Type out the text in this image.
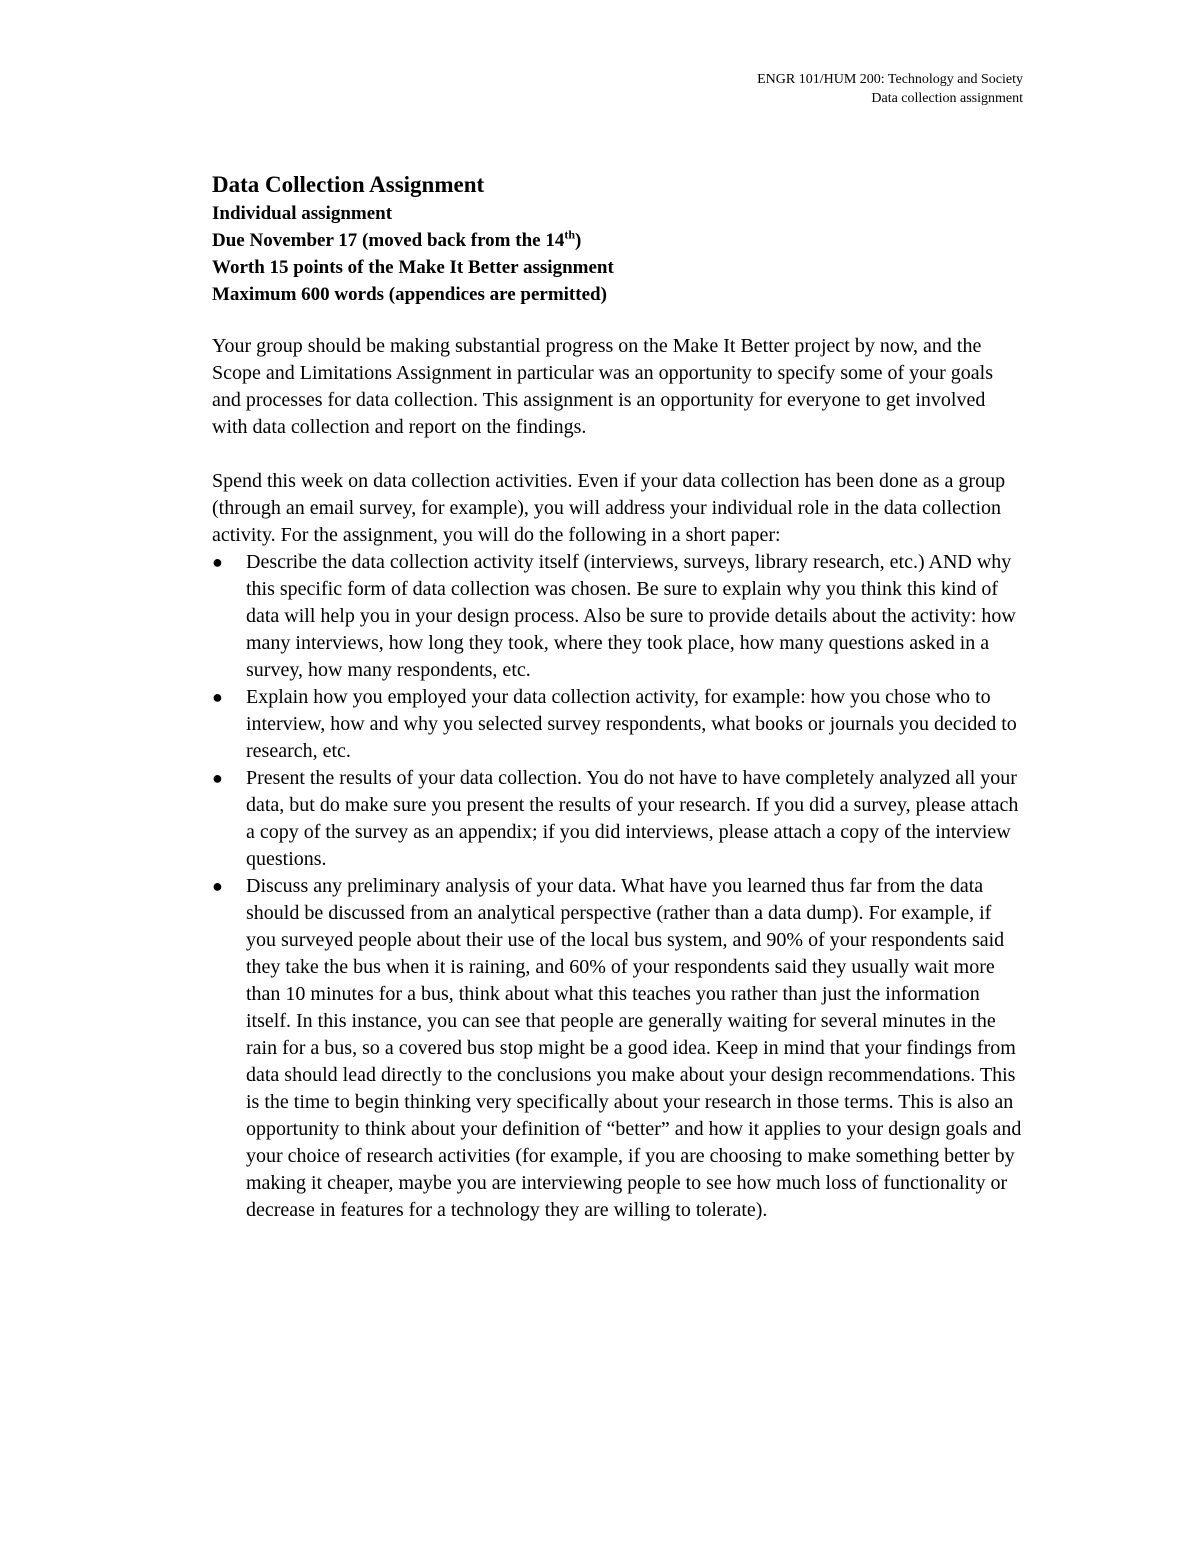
ENGR 101/HUM 200: Technology and Society
Data collection assignment
Data Collection Assignment

Individual assignment

Due November 17 (moved back from the 14th)

Worth 15 points of the Make It Better assignment

Maximum 600 words (appendices are permitted)

Your group should be making substantial progress on the Make It Better project by now, and the Scope and Limitations Assignment in particular was an opportunity to specify some of your goals and processes for data collection. This assignment is an opportunity for everyone to get involved with data collection and report on the findings.

Spend this week on data collection activities. Even if your data collection has been done as a group (through an email survey, for example), you will address your individual role in the data collection activity. For the assignment, you will do the following in a short paper:

●	Describe the data collection activity itself (interviews, surveys, library research, etc.) AND why this specific form of data collection was chosen. Be sure to explain why you think this kind of data will help you in your design process. Also be sure to provide details about the activity: how many interviews, how long they took, where they took place, how many questions asked in a survey, how many respondents, etc.
●	Explain how you employed your data collection activity, for example: how you chose who to interview, how and why you selected survey respondents, what books or journals you decided to research, etc.
●	Present the results of your data collection. You do not have to have completely analyzed all your data, but do make sure you present the results of your research. If you did a survey, please attach a copy of the survey as an appendix; if you did interviews, please attach a copy of the interview questions.
●	Discuss any preliminary analysis of your data. What have you learned thus far from the data should be discussed from an analytical perspective (rather than a data dump). For example, if you surveyed people about their use of the local bus system, and 90% of your respondents said they take the bus when it is raining, and 60% of your respondents said they usually wait more than 10 minutes for a bus, think about what this teaches you rather than just the information itself. In this instance, you can see that people are generally waiting for several minutes in the rain for a bus, so a covered bus stop might be a good idea. Keep in mind that your findings from data should lead directly to the conclusions you make about your design recommendations. This is the time to begin thinking very specifically about your research in those terms. This is also an opportunity to think about your definition of “better” and how it applies to your design goals and your choice of research activities (for example, if you are choosing to make something better by making it cheaper, maybe you are interviewing people to see how much loss of functionality or decrease in features for a technology they are willing to tolerate).
